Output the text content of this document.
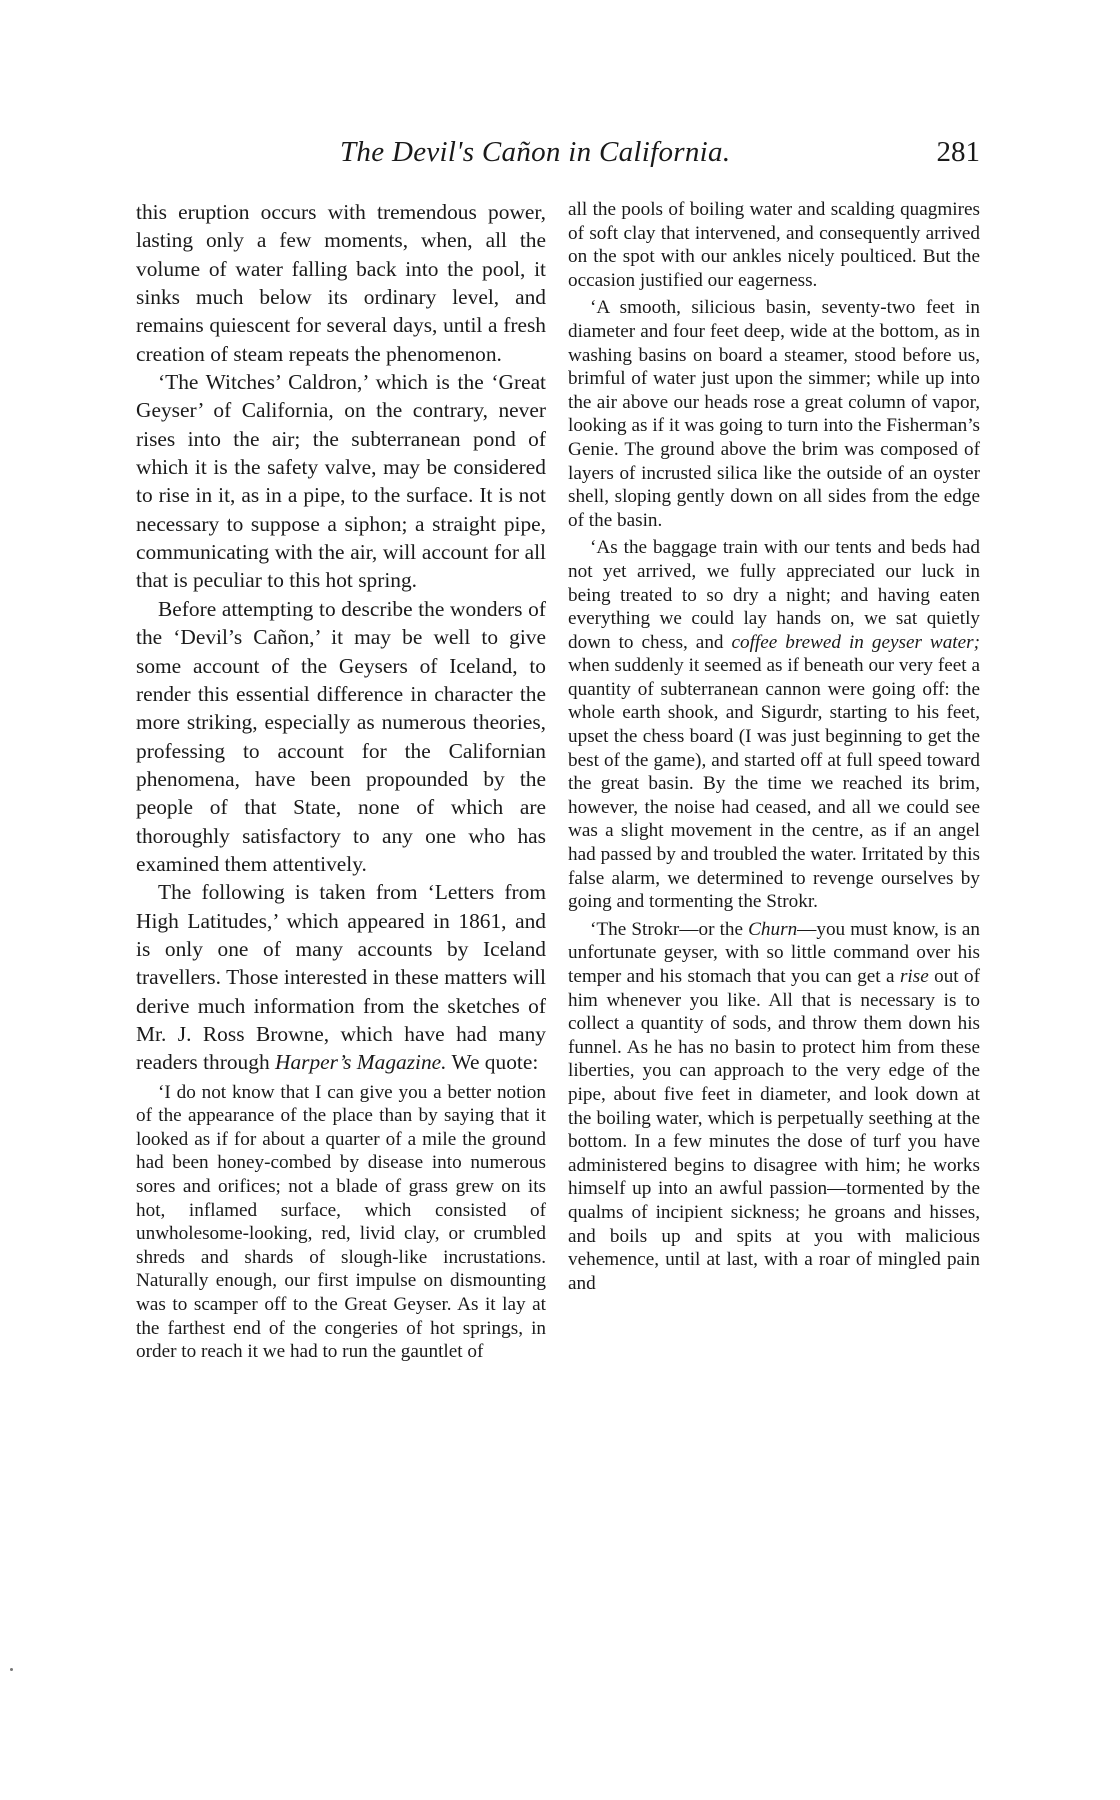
The Devil's Cañon in California.	281

this eruption occurs with tremendous power, lasting only a few moments, when, all the volume of water falling back into the pool, it sinks much below its ordinary level, and remains quiescent for several days, until a fresh creation of steam repeats the phenomenon.

‘The Witches’ Caldron,’ which is the ‘Great Geyser’ of California, on the contrary, never rises into the air; the subterranean pond of which it is the safety valve, may be considered to rise in it, as in a pipe, to the surface. It is not necessary to suppose a siphon; a straight pipe, communicating with the air, will account for all that is peculiar to this hot spring.

Before attempting to describe the wonders of the ‘Devil’s Cañon,’ it may be well to give some account of the Geysers of Iceland, to render this essential difference in character the more striking, especially as numerous theories, professing to account for the Californian phenomena, have been propounded by the people of that State, none of which are thoroughly satisfactory to any one who has examined them attentively.

The following is taken from ‘Letters from High Latitudes,’ which appeared in 1861, and is only one of many accounts by Iceland travellers. Those interested in these matters will derive much information from the sketches of Mr. J. Ross Browne, which have had many readers through Harper’s Magazine. We quote:

‘I do not know that I can give you a better notion of the appearance of the place than by saying that it looked as if for about a quarter of a mile the ground had been honey-combed by disease into numerous sores and orifices; not a blade of grass grew on its hot, inflamed surface, which consisted of unwholesome-looking, red, livid clay, or crumbled shreds and shards of slough-like incrustations. Naturally enough, our first impulse on dismounting was to scamper off to the Great Geyser. As it lay at the farthest end of the congeries of hot springs, in order to reach it we had to run the gauntlet of

all the pools of boiling water and scalding quagmires of soft clay that intervened, and consequently arrived on the spot with our ankles nicely poulticed. But the occasion justified our eagerness.

‘A smooth, silicious basin, seventy-two feet in diameter and four feet deep, wide at the bottom, as in washing basins on board a steamer, stood before us, brimful of water just upon the simmer; while up into the air above our heads rose a great column of vapor, looking as if it was going to turn into the Fisherman’s Genie. The ground above the brim was composed of layers of incrusted silica like the outside of an oyster shell, sloping gently down on all sides from the edge of the basin.

‘As the baggage train with our tents and beds had not yet arrived, we fully appreciated our luck in being treated to so dry a night; and having eaten everything we could lay hands on, we sat quietly down to chess, and coffee brewed in geyser water; when suddenly it seemed as if beneath our very feet a quantity of subterranean cannon were going off: the whole earth shook, and Sigurdr, starting to his feet, upset the chess board (I was just beginning to get the best of the game), and started off at full speed toward the great basin. By the time we reached its brim, however, the noise had ceased, and all we could see was a slight movement in the centre, as if an angel had passed by and troubled the water. Irritated by this false alarm, we determined to revenge ourselves by going and tormenting the Strokr.

‘The Strokr—or the Churn—you must know, is an unfortunate geyser, with so little command over his temper and his stomach that you can get a rise out of him whenever you like. All that is necessary is to collect a quantity of sods, and throw them down his funnel. As he has no basin to protect him from these liberties, you can approach to the very edge of the pipe, about five feet in diameter, and look down at the boiling water, which is perpetually seething at the bottom. In a few minutes the dose of turf you have administered begins to disagree with him; he works himself up into an awful passion—tormented by the qualms of incipient sickness; he groans and hisses, and boils up and spits at you with malicious vehemence, until at last, with a roar of mingled pain and
